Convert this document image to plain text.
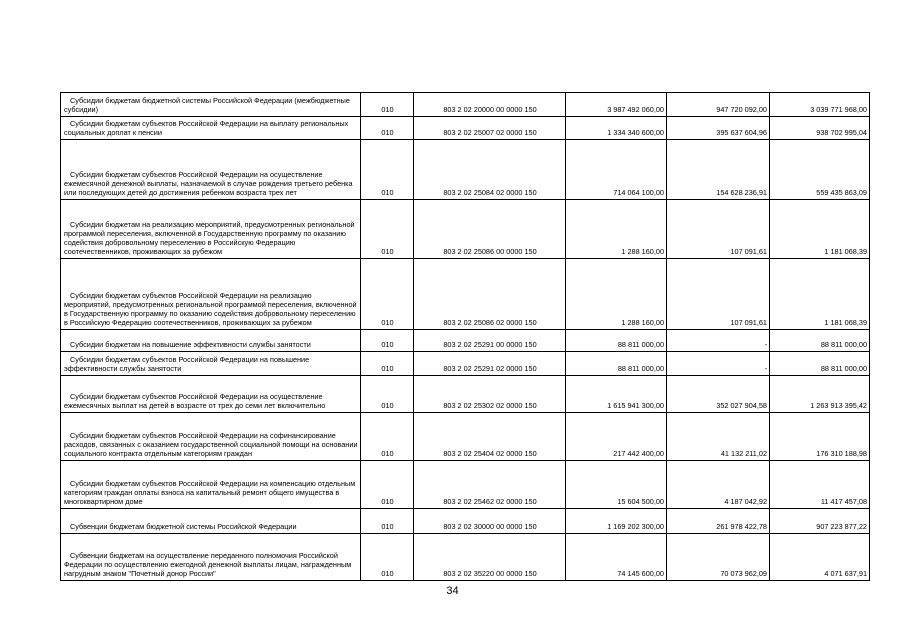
Субсидии бюджетам бюджетной системы Российской Федерации (межбюджетные субсидии)	010	803 2 02 20000 00 0000 150	3 987 492 060,00	947 720 092,00	3 039 771 968,00

Субсидии бюджетам субъектов Российской Федерации на выплату региональных социальных доплат к пенсии	010	803 2 02 25007 02 0000 150	1 334 340 600,00	395 637 604,96	938 702 995,04

Субсидии бюджетам субъектов Российской Федерации на осуществление ежемесячной денежной выплаты, назначаемой в случае рождения третьего ребенка или последующих детей до достижения ребенком возраста трех лет	010	803 2 02 25084 02 0000 150	714 064 100,00	154 628 236,91	559 435 863,09

Субсидии бюджетам на реализацию мероприятий, предусмотренных региональной программой переселения, включенной в Государственную программу по оказанию содействия добровольному переселению в Российскую Федерацию соотечественников, проживающих за рубежом	010	803 2 02 25086 00 0000 150	1 288 160,00	107 091,61	1 181 068,39

Субсидии бюджетам субъектов Российской Федерации на реализацию мероприятий, предусмотренных региональной программой переселения, включенной в Государственную программу по оказанию содействия добровольному переселению в Российскую Федерацию соотечественников, проживающих за рубежом	010	803 2 02 25086 02 0000 150	1 288 160,00	107 091,61	1 181 068,39

Субсидии бюджетам на повышение эффективности службы занятости	010	803 2 02 25291 00 0000 150	88 811 000,00	-	88 811 000,00

Субсидии бюджетам субъектов Российской Федерации на повышение эффективности службы занятости	010	803 2 02 25291 02 0000 150	88 811 000,00	-	88 811 000,00

Субсидии бюджетам субъектов Российской Федерации на осуществление ежемесячных выплат на детей в возрасте от трех до семи лет включительно	010	803 2 02 25302 02 0000 150	1 615 941 300,00	352 027 904,58	1 263 913 395,42

Субсидии бюджетам субъектов Российской Федерации на софинансирование расходов, связанных с оказанием государственной социальной помощи на основании социального контракта отдельным категориям граждан	010	803 2 02 25404 02 0000 150	217 442 400,00	41 132 211,02	176 310 188,98

Субсидии бюджетам субъектов Российской Федерации на компенсацию отдельным категориям граждан оплаты взноса на капитальный ремонт общего имущества в многоквартирном доме	010	803 2 02 25462 02 0000 150	15 604 500,00	4 187 042,92	11 417 457,08

Субвенции бюджетам бюджетной системы Российской Федерации	010	803 2 02 30000 00 0000 150	1 169 202 300,00	261 978 422,78	907 223 877,22

Субвенции бюджетам на осуществление переданного полномочия Российской Федерации по осуществлению ежегодной денежной выплаты лицам, награжденным нагрудным знаком "Почетный донор России"	010	803 2 02 35220 00 0000 150	74 145 600,00	70 073 962,09	4 071 637,91
34
